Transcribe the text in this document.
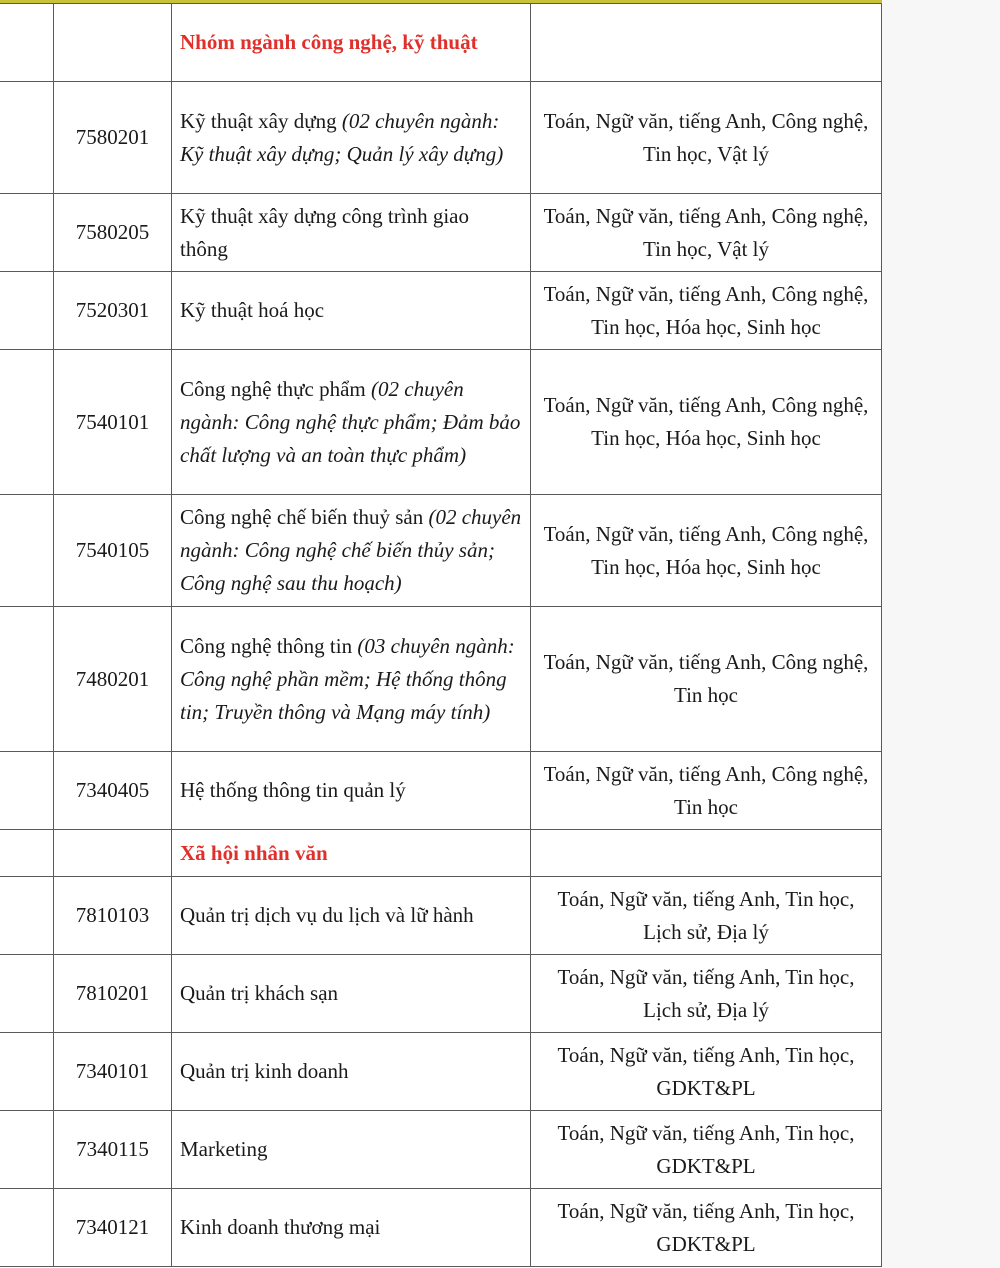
		Nhóm ngành công nghệ, kỹ thuật	
	7580201	Kỹ thuật xây dựng (02 chuyên ngành: Kỹ thuật xây dựng; Quản lý xây dựng)	Toán, Ngữ văn, tiếng Anh, Công nghệ, Tin học, Vật lý
	7580205	Kỹ thuật xây dựng công trình giao thông	Toán, Ngữ văn, tiếng Anh, Công nghệ, Tin học, Vật lý
	7520301	Kỹ thuật hoá học	Toán, Ngữ văn, tiếng Anh, Công nghệ, Tin học, Hóa học, Sinh học
	7540101	Công nghệ thực phẩm (02 chuyên ngành: Công nghệ thực phẩm; Đảm bảo chất lượng và an toàn thực phẩm)	Toán, Ngữ văn, tiếng Anh, Công nghệ, Tin học, Hóa học, Sinh học
	7540105	Công nghệ chế biến thuỷ sản (02 chuyên ngành: Công nghệ chế biến thủy sản; Công nghệ sau thu hoạch)	Toán, Ngữ văn, tiếng Anh, Công nghệ, Tin học, Hóa học, Sinh học
	7480201	Công nghệ thông tin (03 chuyên ngành: Công nghệ phần mềm; Hệ thống thông tin; Truyền thông và Mạng máy tính)	Toán, Ngữ văn, tiếng Anh, Công nghệ, Tin học
	7340405	Hệ thống thông tin quản lý	Toán, Ngữ văn, tiếng Anh, Công nghệ, Tin học
		Xã hội nhân văn	
	7810103	Quản trị dịch vụ du lịch và lữ hành	Toán, Ngữ văn, tiếng Anh, Tin học, Lịch sử, Địa lý
	7810201	Quản trị khách sạn	Toán, Ngữ văn, tiếng Anh, Tin học, Lịch sử, Địa lý
	7340101	Quản trị kinh doanh	Toán, Ngữ văn, tiếng Anh, Tin học, GDKT&PL
	7340115	Marketing	Toán, Ngữ văn, tiếng Anh, Tin học, GDKT&PL
	7340121	Kinh doanh thương mại	Toán, Ngữ văn, tiếng Anh, Tin học, GDKT&PL
